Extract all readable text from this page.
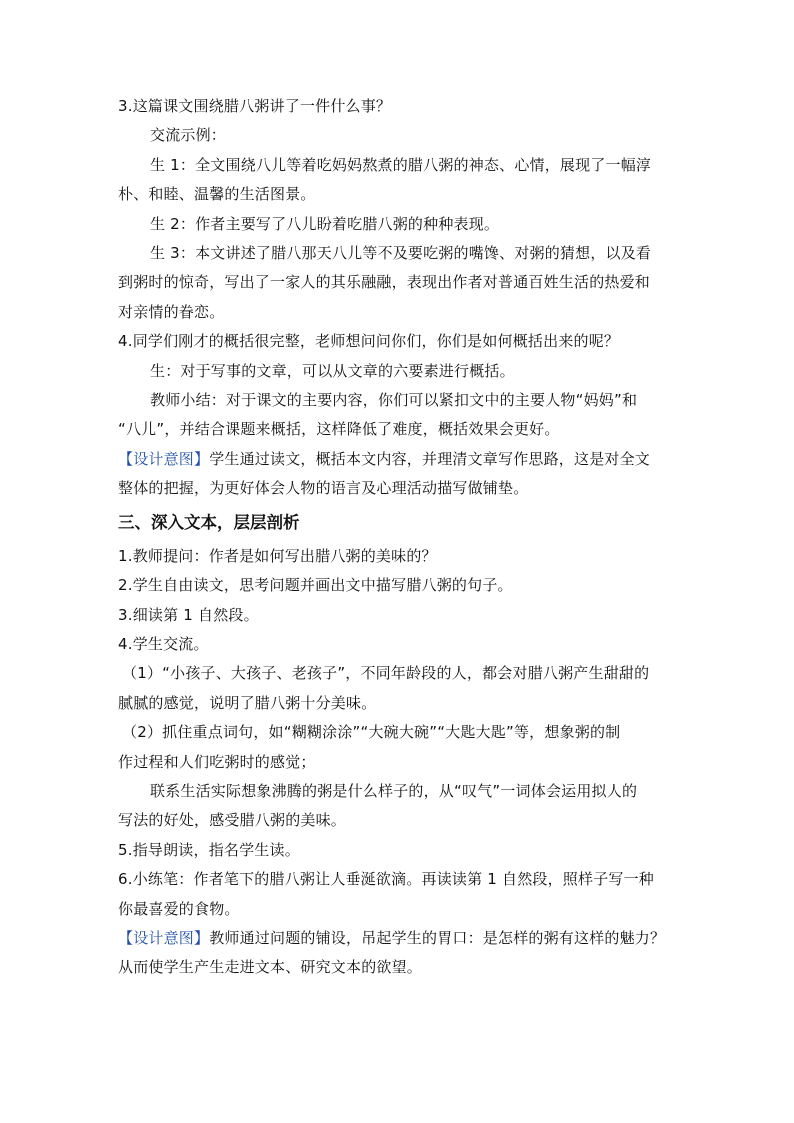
3.这篇课文围绕腊八粥讲了一件什么事？
交流示例：
生 1：全文围绕八儿等着吃妈妈熬煮的腊八粥的神态、心情，展现了一幅淳
朴、和睦、温馨的生活图景。
生 2：作者主要写了八儿盼着吃腊八粥的种种表现。
生 3：本文讲述了腊八那天八儿等不及要吃粥的嘴馋、对粥的猜想，以及看
到粥时的惊奇，写出了一家人的其乐融融，表现出作者对普通百姓生活的热爱和
对亲情的眷恋。
4.同学们刚才的概括很完整，老师想问问你们，你们是如何概括出来的呢？
生：对于写事的文章，可以从文章的六要素进行概括。
教师小结：对于课文的主要内容，你们可以紧扣文中的主要人物“妈妈”和
“八儿”，并结合课题来概括，这样降低了难度，概括效果会更好。
【设计意图】学生通过读文，概括本文内容，并理清文章写作思路，这是对全文
整体的把握，为更好体会人物的语言及心理活动描写做铺垫。
三、深入文本，层层剖析
1.教师提问：作者是如何写出腊八粥的美味的？
2.学生自由读文，思考问题并画出文中描写腊八粥的句子。
3.细读第 1 自然段。
4.学生交流。
（1）“小孩子、大孩子、老孩子”，不同年龄段的人，都会对腊八粥产生甜甜的
腻腻的感觉，说明了腊八粥十分美味。
（2）抓住重点词句，如“糊糊涂涂”“大碗大碗”“大匙大匙”等，想象粥的制
作过程和人们吃粥时的感觉；
联系生活实际想象沸腾的粥是什么样子的，从“叹气”一词体会运用拟人的
写法的好处，感受腊八粥的美味。
5.指导朗读，指名学生读。
6.小练笔：作者笔下的腊八粥让人垂涎欲滴。再读读第 1 自然段，照样子写一种
你最喜爱的食物。
【设计意图】教师通过问题的铺设，吊起学生的胃口：是怎样的粥有这样的魅力？
从而使学生产生走进文本、研究文本的欲望。
